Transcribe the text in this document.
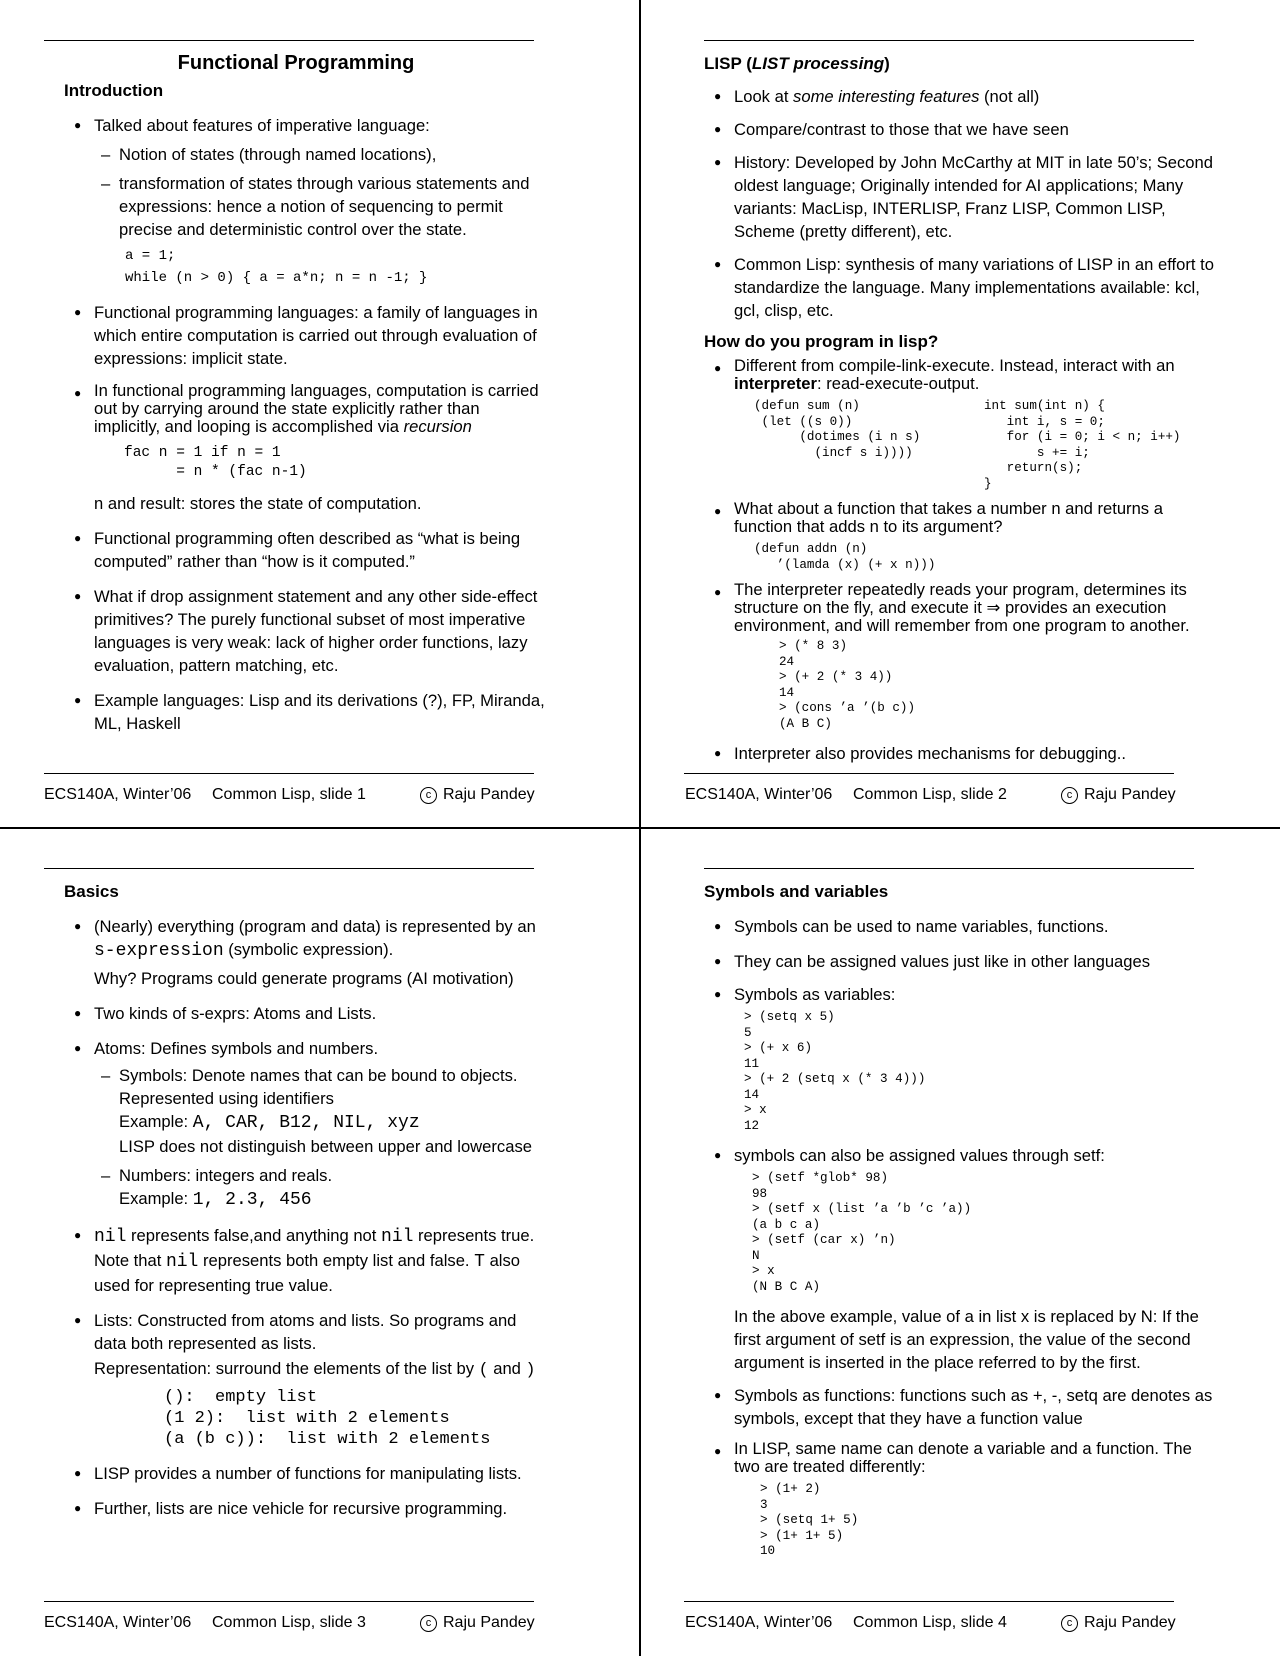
Functional Programming
Introduction
● Talked about features of imperative language:
– Notion of states (through named locations),
– transformation of states through various statements and expressions: hence a notion of sequencing to permit precise and deterministic control over the state.
a = 1;
while (n > 0) { a = a*n; n = n -1; }
● Functional programming languages: a family of languages in which entire computation is carried out through evaluation of expressions: implicit state.
● In functional programming languages, computation is carried out by carrying around the state explicitly rather than implicitly, and looping is accomplished via recursion
fac n = 1 if n = 1
= n * (fac n-1)
n and result: stores the state of computation.
● Functional programming often described as “what is being computed” rather than “how is it computed.”
● What if drop assignment statement and any other side-effect primitives? The purely functional subset of most imperative languages is very weak: lack of higher order functions, lazy evaluation, pattern matching, etc.
● Example languages: Lisp and its derivations (?), FP, Miranda, ML, Haskell
ECS140A, Winter’06 Common Lisp, slide 1	c Raju Pandey
LISP (LIST processing)
● Look at some interesting features (not all)
● Compare/contrast to those that we have seen
● History: Developed by John McCarthy at MIT in late 50’s; Second oldest language; Originally intended for AI applications; Many variants: MacLisp, INTERLISP, Franz LISP, Common LISP, Scheme (pretty different), etc.
● Common Lisp: synthesis of many variations of LISP in an effort to standardize the language. Many implementations available: kcl, gcl, clisp, etc.
How do you program in lisp?
● Different from compile-link-execute. Instead, interact with an interpreter: read-execute-output.
(defun sum (n)
(let ((s 0))
(dotimes (i n s)
(incf s i))))
int sum(int n) {
int i, s = 0;
for (i = 0; i < n; i++)
s += i;
return(s);
}
● What about a function that takes a number n and returns a function that adds n to its argument?
(defun addn (n)
’(lamda (x) (+ x n)))
● The interpreter repeatedly reads your program, determines its structure on the fly, and execute it ⇒ provides an execution environment, and will remember from one program to another.
> (* 8 3)
24
> (+ 2 (* 3 4))
14
> (cons ’a ’(b c))
(A B C)
● Interpreter also provides mechanisms for debugging..
ECS140A, Winter’06 Common Lisp, slide 2	c Raju Pandey
Basics
● (Nearly) everything (program and data) is represented by an s-expression (symbolic expression).
Why? Programs could generate programs (AI motivation)
● Two kinds of s-exprs: Atoms and Lists.
● Atoms: Defines symbols and numbers.
– Symbols: Denote names that can be bound to objects.
Represented using identifiers
Example: A, CAR, B12, NIL, xyz
LISP does not distinguish between upper and lowercase
– Numbers: integers and reals.
Example: 1, 2.3, 456
● nil represents false,and anything not nil represents true. Note that nil represents both empty list and false. T also used for representing true value.
● Lists: Constructed from atoms and lists. So programs and data both represented as lists.
Representation: surround the elements of the list by ( and )
():  empty list
(1 2):  list with 2 elements
(a (b c)):  list with 2 elements
● LISP provides a number of functions for manipulating lists.
● Further, lists are nice vehicle for recursive programming.
ECS140A, Winter’06 Common Lisp, slide 3	c Raju Pandey
Symbols and variables
● Symbols can be used to name variables, functions.
● They can be assigned values just like in other languages
● Symbols as variables:
> (setq x 5)
5
> (+ x 6)
11
> (+ 2 (setq x (* 3 4)))
14
> x
12
● symbols can also be assigned values through setf:
> (setf *glob* 98)
98
> (setf x (list ’a ’b ’c ’a))
(a b c a)
> (setf (car x) ’n)
N
> x
(N B C A)
In the above example, value of a in list x is replaced by N: If the first argument of setf is an expression, the value of the second argument is inserted in the place referred to by the first.
● Symbols as functions: functions such as +, -, setq are denotes as symbols, except that they have a function value
● In LISP, same name can denote a variable and a function. The two are treated differently:
> (1+ 2)
3
> (setq 1+ 5)
> (1+ 1+ 5)
10
ECS140A, Winter’06 Common Lisp, slide 4	c Raju Pandey
